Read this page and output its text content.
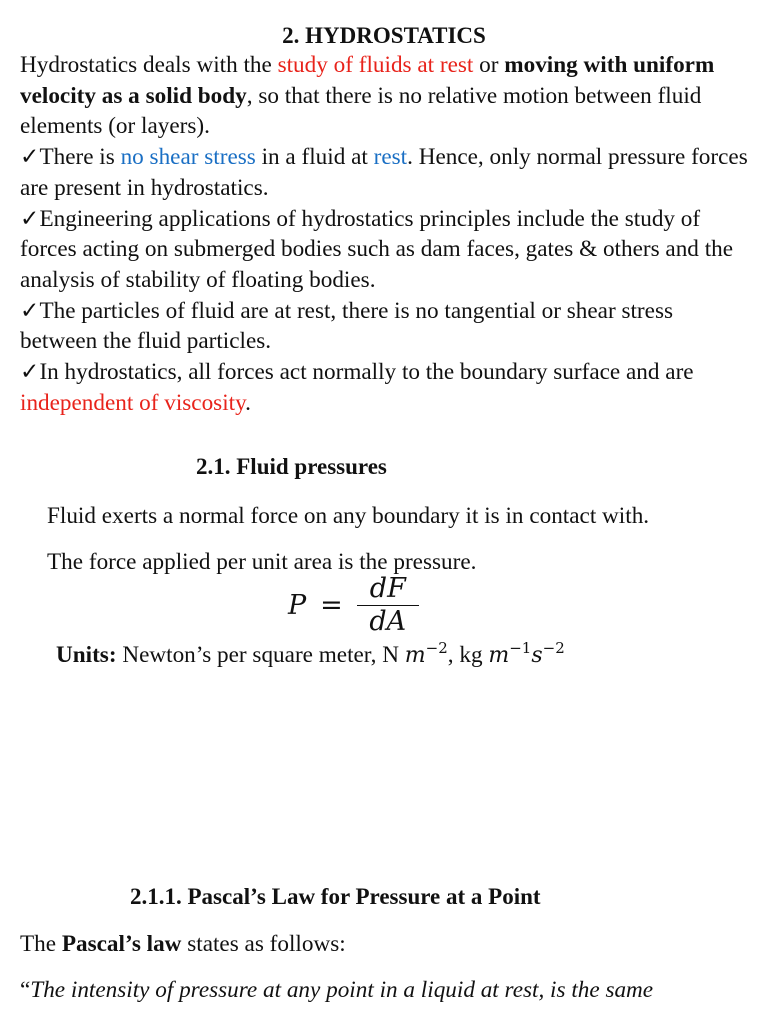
2. HYDROSTATICS

Hydrostatics deals with the study of fluids at rest or moving with uniform velocity as a solid body, so that there is no relative motion between fluid elements (or layers).

✓There is no shear stress in a fluid at rest. Hence, only normal pressure forces are present in hydrostatics.

✓Engineering applications of hydrostatics principles include the study of forces acting on submerged bodies such as dam faces, gates & others and the analysis of stability of floating bodies.

✓The particles of fluid are at rest, there is no tangential or shear stress between the fluid particles.

✓In hydrostatics, all forces act normally to the boundary surface and are independent of viscosity.

2.1. Fluid pressures

Fluid exerts a normal force on any boundary it is in contact with.

The force applied per unit area is the pressure.

$P = \frac{dF}{dA}$

Units: Newton’s per square meter, N $m^{-2}$, kg $m^{-1}s^{-2}$

2.1.1. Pascal’s Law for Pressure at a Point

The Pascal’s law states as follows:

“The intensity of pressure at any point in a liquid at rest, is the same
